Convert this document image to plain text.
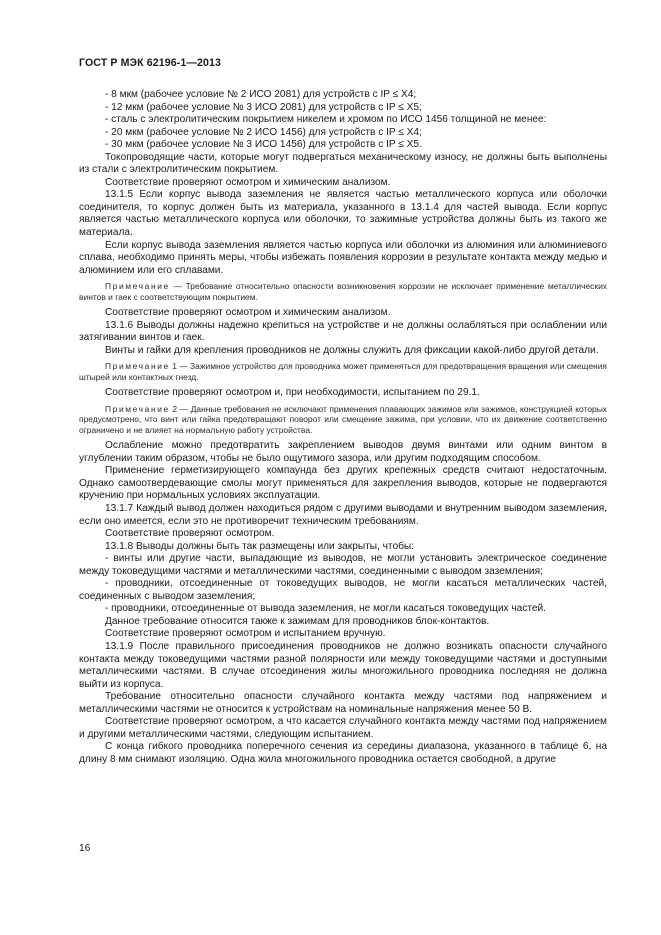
ГОСТ Р МЭК 62196-1—2013

- 8 мкм (рабочее условие № 2 ИСО 2081) для устройств с IP ≤ X4;

- 12 мкм (рабочее условие № 3 ИСО 2081) для устройств с IP ≤ X5;

- сталь с электролитическим покрытием никелем и хромом по ИСО 1456 толщиной не менее:

- 20 мкм (рабочее условие № 2 ИСО 1456) для устройств с IP ≤ X4;

- 30 мкм (рабочее условие № 3 ИСО 1456) для устройств с IP ≤ X5.

Токопроводящие части, которые могут подвергаться механическому износу, не должны быть выполнены из стали с электролитическим покрытием.

Соответствие проверяют осмотром и химическим анализом.

13.1.5 Если корпус вывода заземления не является частью металлического корпуса или оболочки соединителя, то корпус должен быть из материала, указанного в 13.1.4 для частей вывода. Если корпус является частью металлического корпуса или оболочки, то зажимные устройства должны быть из такого же материала.

Если корпус вывода заземления является частью корпуса или оболочки из алюминия или алюминиевого сплава, необходимо принять меры, чтобы избежать появления коррозии в результате контакта между медью и алюминием или его сплавами.

Примечание — Требование относительно опасности возникновения коррозии не исключает применение металлических винтов и гаек с соответствующим покрытием.

Соответствие проверяют осмотром и химическим анализом.

13.1.6 Выводы должны надежно крепиться на устройстве и не должны ослабляться при ослаблении или затягивании винтов и гаек.

Винты и гайки для крепления проводников не должны служить для фиксации какой-либо другой детали.

Примечание 1 — Зажимное устройство для проводника может применяться для предотвращения вращения или смещения штырей или контактных гнезд.

Соответствие проверяют осмотром и, при необходимости, испытанием по 29.1.

Примечание 2 — Данные требования не исключают применения плавающих зажимов или зажимов, конструкцией которых предусмотрено, что винт или гайка предотвращают поворот или смещение зажима, при условии, что их движение соответственно ограничено и не влияет на нормальную работу устройства.

Ослабление можно предотвратить закреплением выводов двумя винтами или одним винтом в углублении таким образом, чтобы не было ощутимого зазора, или другим подходящим способом.

Применение герметизирующего компаунда без других крепежных средств считают недостаточным. Однако самоотвердевающие смолы могут применяться для закрепления выводов, которые не подвергаются кручению при нормальных условиях эксплуатации.

13.1.7 Каждый вывод должен находиться рядом с другими выводами и внутренним выводом заземления, если оно имеется, если это не противоречит техническим требованиям.

Соответствие проверяют осмотром.

13.1.8 Выводы должны быть так размещены или закрыты, чтобы:

- винты или другие части, выпадающие из выводов, не могли установить электрическое соединение между токоведущими частями и металлическими частями, соединенными с выводом заземления;

- проводники, отсоединенные от токоведущих выводов, не могли касаться металлических частей, соединенных с выводом заземления;

- проводники, отсоединенные от вывода заземления, не могли касаться токоведущих частей.

Данное требование относится также к зажимам для проводников блок-контактов.

Соответствие проверяют осмотром и испытанием вручную.

13.1.9 После правильного присоединения проводников не должно возникать опасности случайного контакта между токоведущими частями разной полярности или между токоведущими частями и доступными металлическими частями. В случае отсоединения жилы многожильного проводника последняя не должна выйти из корпуса.

Требование относительно опасности случайного контакта между частями под напряжением и металлическими частями не относится к устройствам на номинальные напряжения менее 50 В.

Соответствие проверяют осмотром, а что касается случайного контакта между частями под напряжением и другими металлическими частями, следующим испытанием.

С конца гибкого проводника поперечного сечения из середины диапазона, указанного в таблице 6, на длину 8 мм снимают изоляцию. Одна жила многожильного проводника остается свободной, а другие

16
